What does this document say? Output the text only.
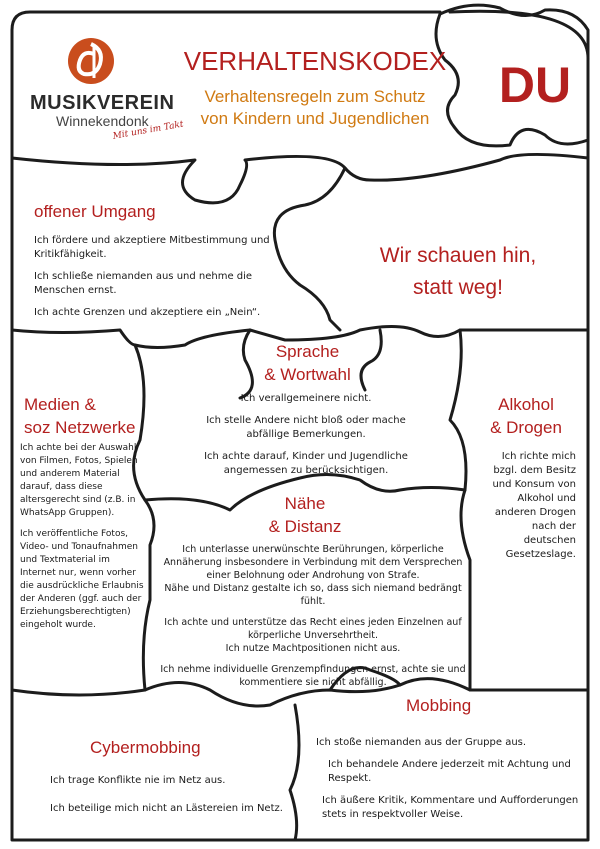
MUSIKVEREIN
Winnekendonk
Mit uns im Takt
VERHALTENSKODEX
Verhaltensregeln zum Schutz
von Kindern und Jugendlichen
DU
offener Umgang

Ich fördere und akzeptiere Mitbestimmung und Kritikfähigkeit.

Ich schließe niemanden aus und nehme die Menschen ernst.

Ich achte Grenzen und akzeptiere ein „Nein“.

Wir schauen hin,
statt weg!
Sprache
& Wortwahl

Ich verallgemeinere nicht.

Ich stelle Andere nicht bloß oder mache abfällige Bemerkungen.

Ich achte darauf, Kinder und Jugendliche angemessen zu berücksichtigen.

Medien &
soz Netzwerke

Ich achte bei der Auswahl von Filmen, Fotos, Spielen und anderem Material darauf, dass diese altersgerecht sind (z.B. in WhatsApp Gruppen).

Ich veröffentliche Fotos, Video- und Tonaufnahmen und Textmaterial im Internet nur, wenn vorher die ausdrückliche Erlaubnis der Anderen (ggf. auch der Erziehungsberechtigten) eingeholt wurde.

Alkohol
& Drogen
Ich richte mich bzgl. dem Besitz und Konsum von Alkohol und anderen Drogen nach der deutschen Gesetzeslage.
Nähe
& Distanz

Ich unterlasse unerwünschte Berührungen, körperliche Annäherung insbesondere in Verbindung mit dem Versprechen einer Belohnung oder Androhung von Strafe.

Nähe und Distanz gestalte ich so, dass sich niemand bedrängt fühlt.

Ich achte und unterstütze das Recht eines jeden Einzelnen auf körperliche Unversehrtheit.

Ich nutze Machtpositionen nicht aus.

Ich nehme individuelle Grenzempfindungen ernst, achte sie und kommentiere sie nicht abfällig.

Mobbing

Ich stoße niemanden aus der Gruppe aus.

Ich behandele Andere jederzeit mit Achtung und Respekt.

Ich äußere Kritik, Kommentare und Aufforderungen stets in respektvoller Weise.

Cybermobbing

Ich trage Konflikte nie im Netz aus.

Ich beteilige mich nicht an Lästereien im Netz.
